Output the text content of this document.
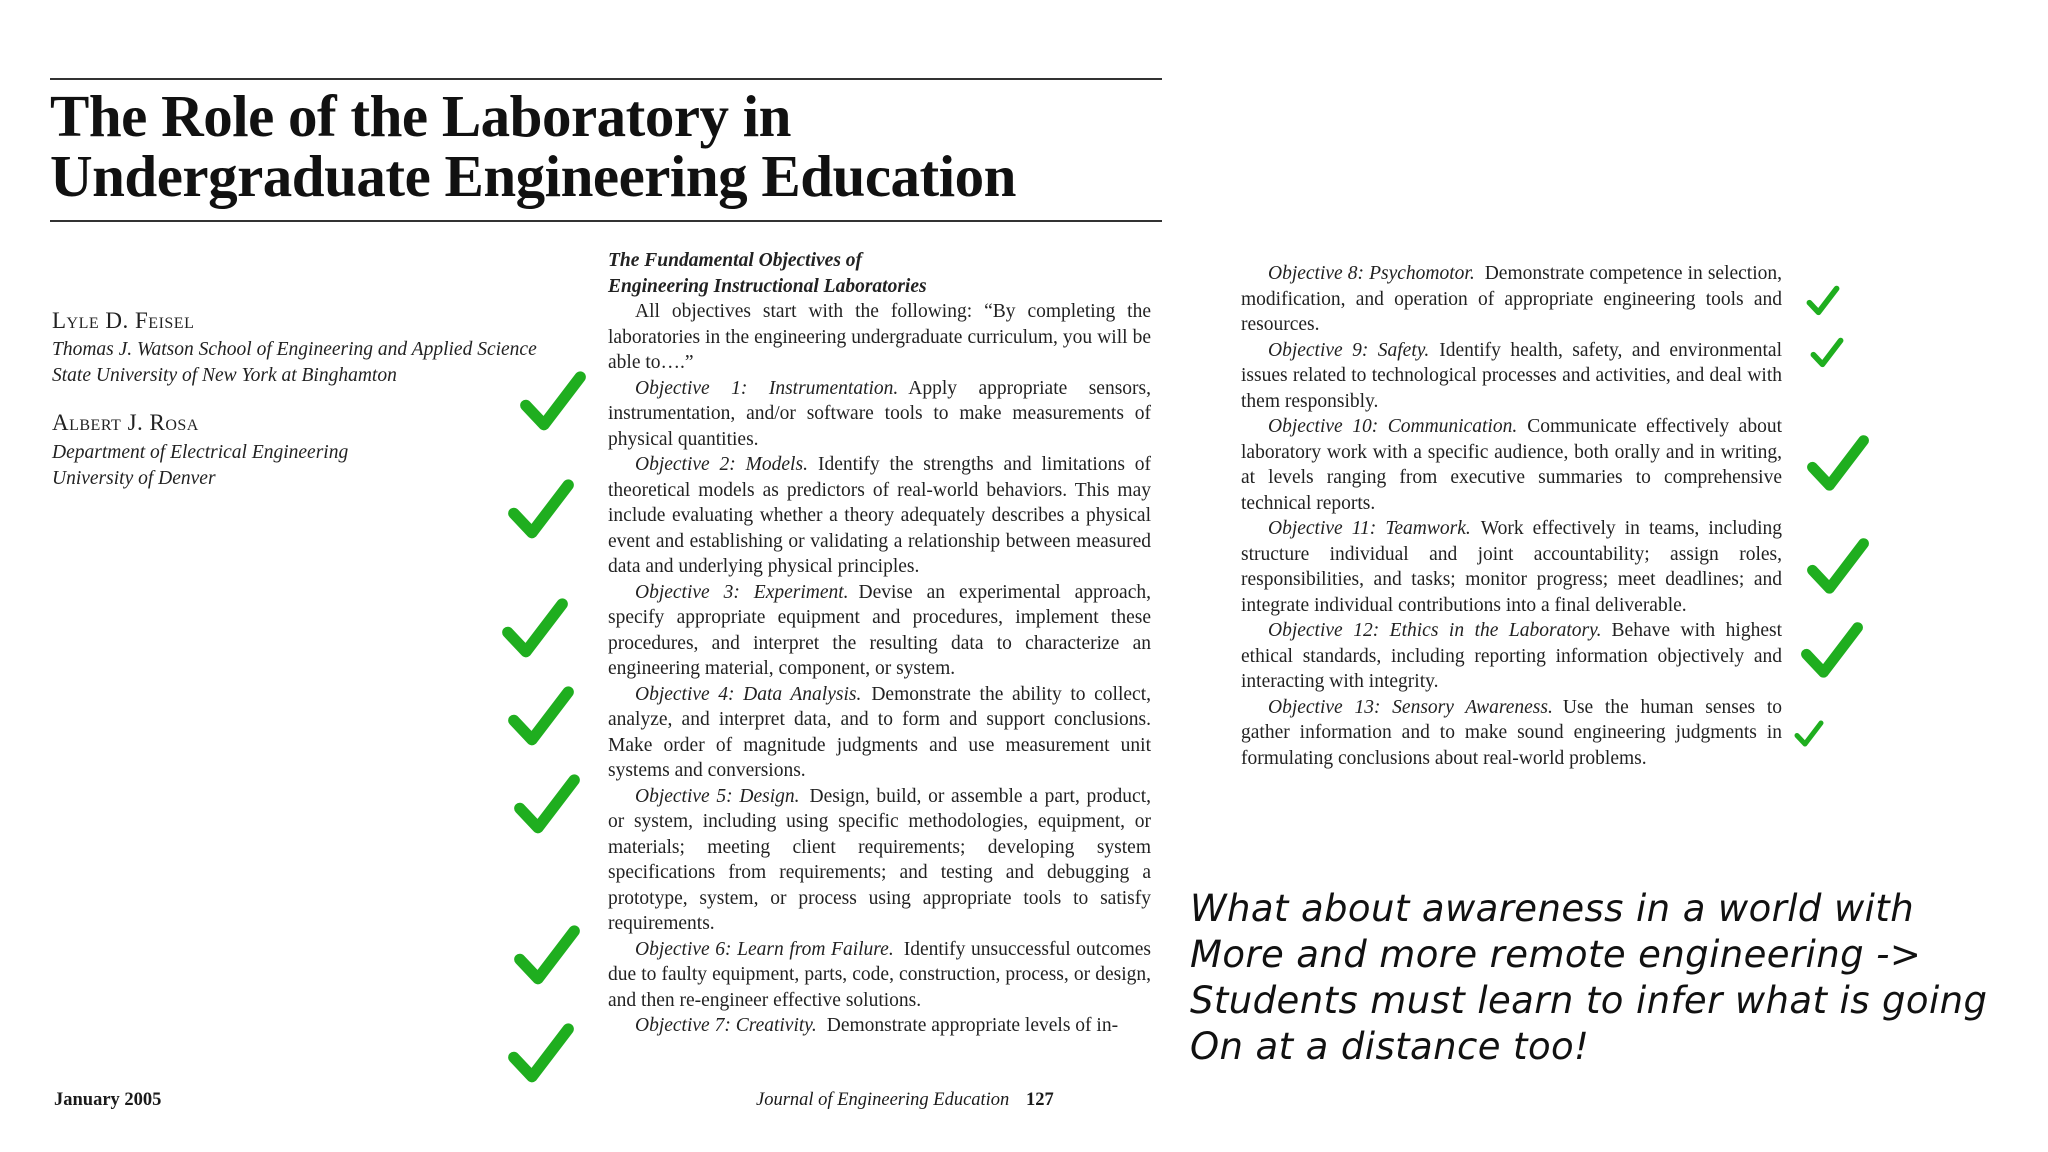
The Role of the Laboratory in
Undergraduate Engineering Education
Lyle D. Feisel
Thomas J. Watson School of Engineering and Applied Science
State University of New York at Binghamton
Albert J. Rosa
Department of Electrical Engineering
University of Denver
The Fundamental Objectives of
Engineering Instructional Laboratories

All objectives start with the following: “By completing the laboratories in the engineering undergraduate curriculum, you will be able to….”

Objective 1: Instrumentation. Apply appropriate sensors, instrumentation, and/or software tools to make measurements of physical quantities.

Objective 2: Models. Identify the strengths and limitations of theoretical models as predictors of real-world behaviors. This may include evaluating whether a theory adequately describes a physical event and establishing or validating a relationship between measured data and underlying physical principles.

Objective 3: Experiment. Devise an experimental approach, specify appropriate equipment and procedures, implement these procedures, and interpret the resulting data to characterize an engineering material, component, or system.

Objective 4: Data Analysis. Demonstrate the ability to collect, analyze, and interpret data, and to form and support conclusions. Make order of magnitude judgments and use measurement unit systems and conversions.

Objective 5: Design. Design, build, or assemble a part, product, or system, including using specific methodologies, equipment, or materials; meeting client requirements; developing system specifications from requirements; and testing and debugging a prototype, system, or process using appropriate tools to satisfy requirements.

Objective 6: Learn from Failure. Identify unsuccessful outcomes due to faulty equipment, parts, code, construction, process, or design, and then re-engineer effective solutions.

Objective 7: Creativity. Demonstrate appropriate levels of in-

Objective 8: Psychomotor. Demonstrate competence in selection, modification, and operation of appropriate engineering tools and resources.

Objective 9: Safety. Identify health, safety, and environmental issues related to technological processes and activities, and deal with them responsibly.

Objective 10: Communication. Communicate effectively about laboratory work with a specific audience, both orally and in writing, at levels ranging from executive summaries to comprehensive technical reports.

Objective 11: Teamwork. Work effectively in teams, including structure individual and joint accountability; assign roles, responsibilities, and tasks; monitor progress; meet deadlines; and integrate individual contributions into a final deliverable.

Objective 12: Ethics in the Laboratory. Behave with highest ethical standards, including reporting information objectively and interacting with integrity.

Objective 13: Sensory Awareness. Use the human senses to gather information and to make sound engineering judgments in formulating conclusions about real-world problems.

January 2005	Journal of Engineering Education 127
What about awareness in a world with
More and more remote engineering ->
Students must learn to infer what is going
On at a distance too!
